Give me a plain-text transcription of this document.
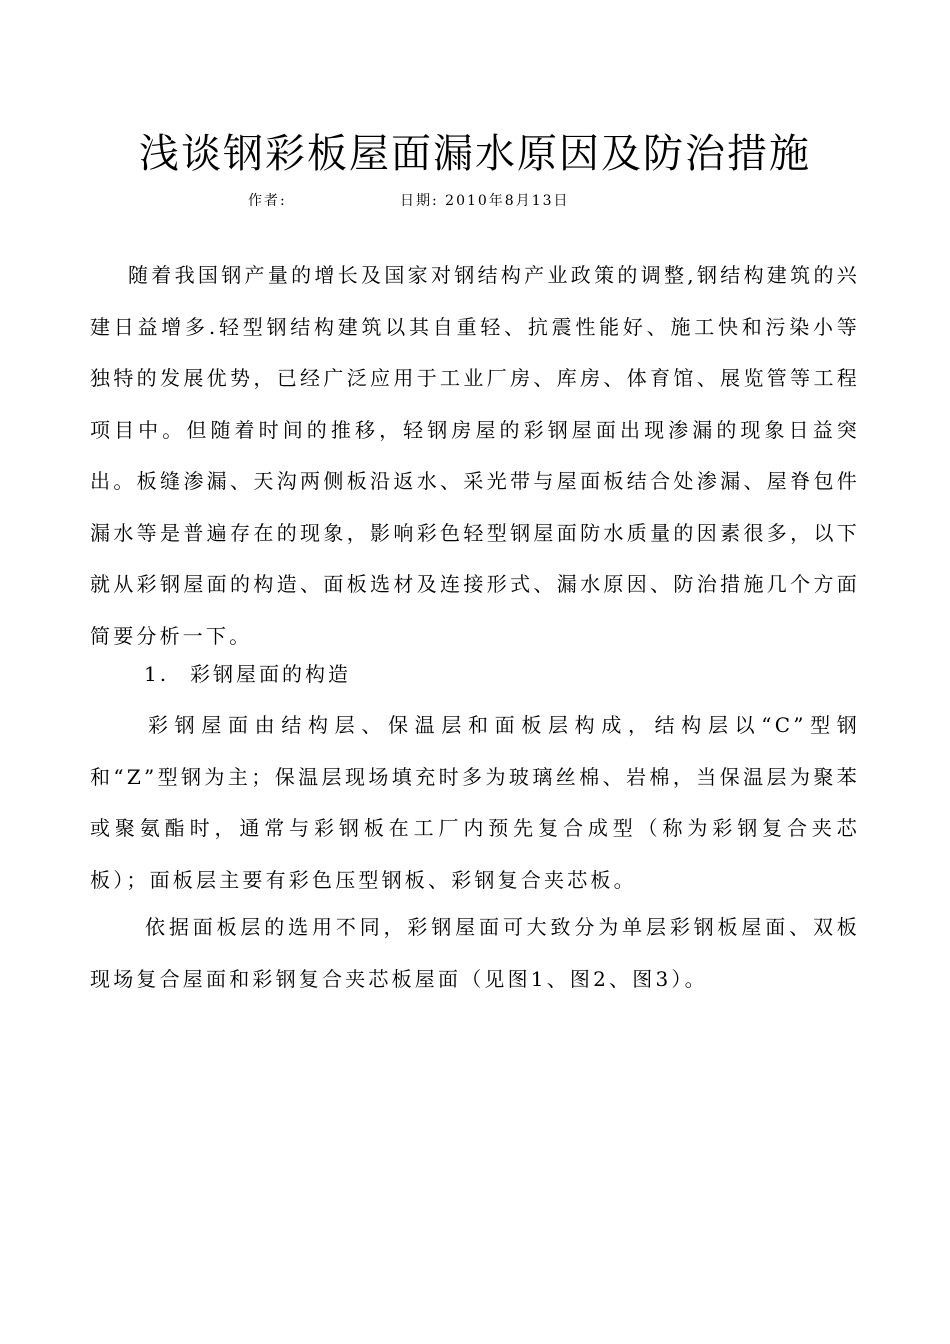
浅谈钢彩板屋面漏水原因及防治措施
作者:	日期: 2010年8月13日

随着我国钢产量的增长及国家对钢结构产业政策的调整,钢结构建筑的兴建日益增多.轻型钢结构建筑以其自重轻、抗震性能好、施工快和污染小等独特的发展优势，已经广泛应用于工业厂房、库房、体育馆、展览管等工程项目中。但随着时间的推移，轻钢房屋的彩钢屋面出现渗漏的现象日益突出。板缝渗漏、天沟两侧板沿返水、采光带与屋面板结合处渗漏、屋脊包件漏水等是普遍存在的现象，影响彩色轻型钢屋面防水质量的因素很多，以下就从彩钢屋面的构造、面板选材及连接形式、漏水原因、防治措施几个方面简要分析一下。

1. 彩钢屋面的构造

彩钢屋面由结构层、保温层和面板层构成，结构层以“C”型钢和“Z”型钢为主；保温层现场填充时多为玻璃丝棉、岩棉，当保温层为聚苯或聚氨酯时，通常与彩钢板在工厂内预先复合成型（称为彩钢复合夹芯板）；面板层主要有彩色压型钢板、彩钢复合夹芯板。

依据面板层的选用不同，彩钢屋面可大致分为单层彩钢板屋面、双板现场复合屋面和彩钢复合夹芯板屋面（见图1、图2、图3）。
